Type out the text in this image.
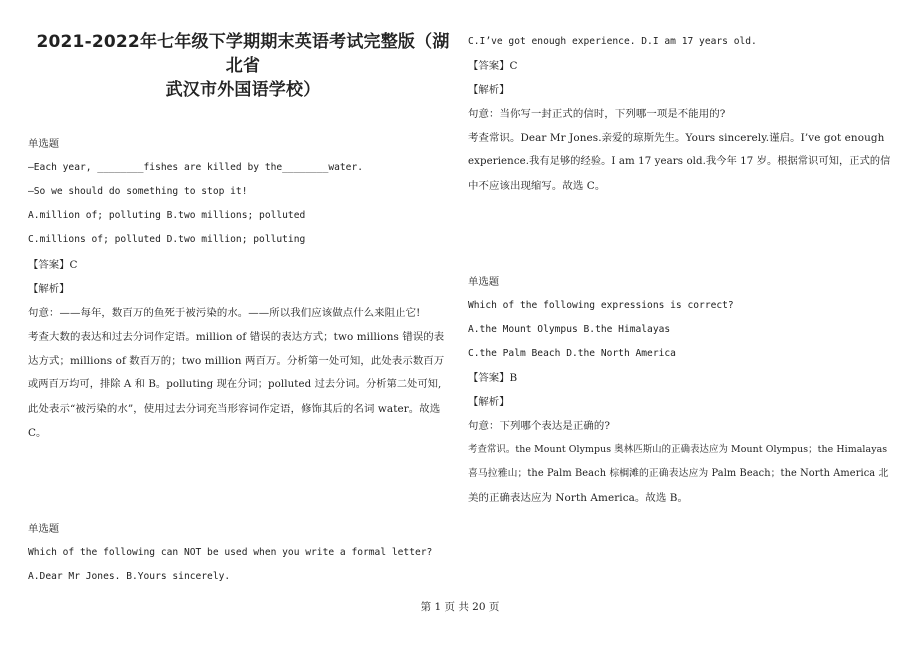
2021-2022年七年级下学期期末英语考试完整版（湖北省
武汉市外国语学校）
单选题
—Each year, ________fishes are killed by the________water.
—So we should do something to stop it!
A.million of; polluting B.two millions; polluted
C.millions of; polluted D.two million; polluting
【答案】C
【解析】
句意：——每年，数百万的鱼死于被污染的水。——所以我们应该做点什么来阻止它!
考查大数的表达和过去分词作定语。million of 错误的表达方式；two millions 错误的表
达方式；millions of 数百万的；two million 两百万。分析第一处可知，此处表示数百万
或两百万均可，排除 A 和 B。polluting 现在分词；polluted 过去分词。分析第二处可知,
此处表示“被污染的水”，使用过去分词充当形容词作定语，修饰其后的名词 water。故选
C。
单选题
Which of the following can NOT be used when you write a formal letter?
A.Dear Mr Jones. B.Yours sincerely.
C.I’ve got enough experience. D.I am 17 years old.
【答案】C
【解析】
句意：当你写一封正式的信时，下列哪一项是不能用的?
考查常识。Dear Mr Jones.亲爱的琼斯先生。Yours sincerely.谨启。I’ve got enough
experience.我有足够的经验。I am 17 years old.我今年 17 岁。根据常识可知，正式的信
中不应该出现缩写。故选 C。
单选题
Which of the following expressions is correct?
A.the Mount Olympus B.the Himalayas
C.the Palm Beach D.the North America
【答案】B
【解析】
句意：下列哪个表达是正确的?
考查常识。the Mount Olympus 奥林匹斯山的正确表达应为 Mount Olympus；the Himalayas
喜马拉雅山；the Palm Beach 棕榈滩的正确表达应为 Palm Beach；the North America 北
美的正确表达应为 North America。故选 B。
第 1 页 共 20 页
